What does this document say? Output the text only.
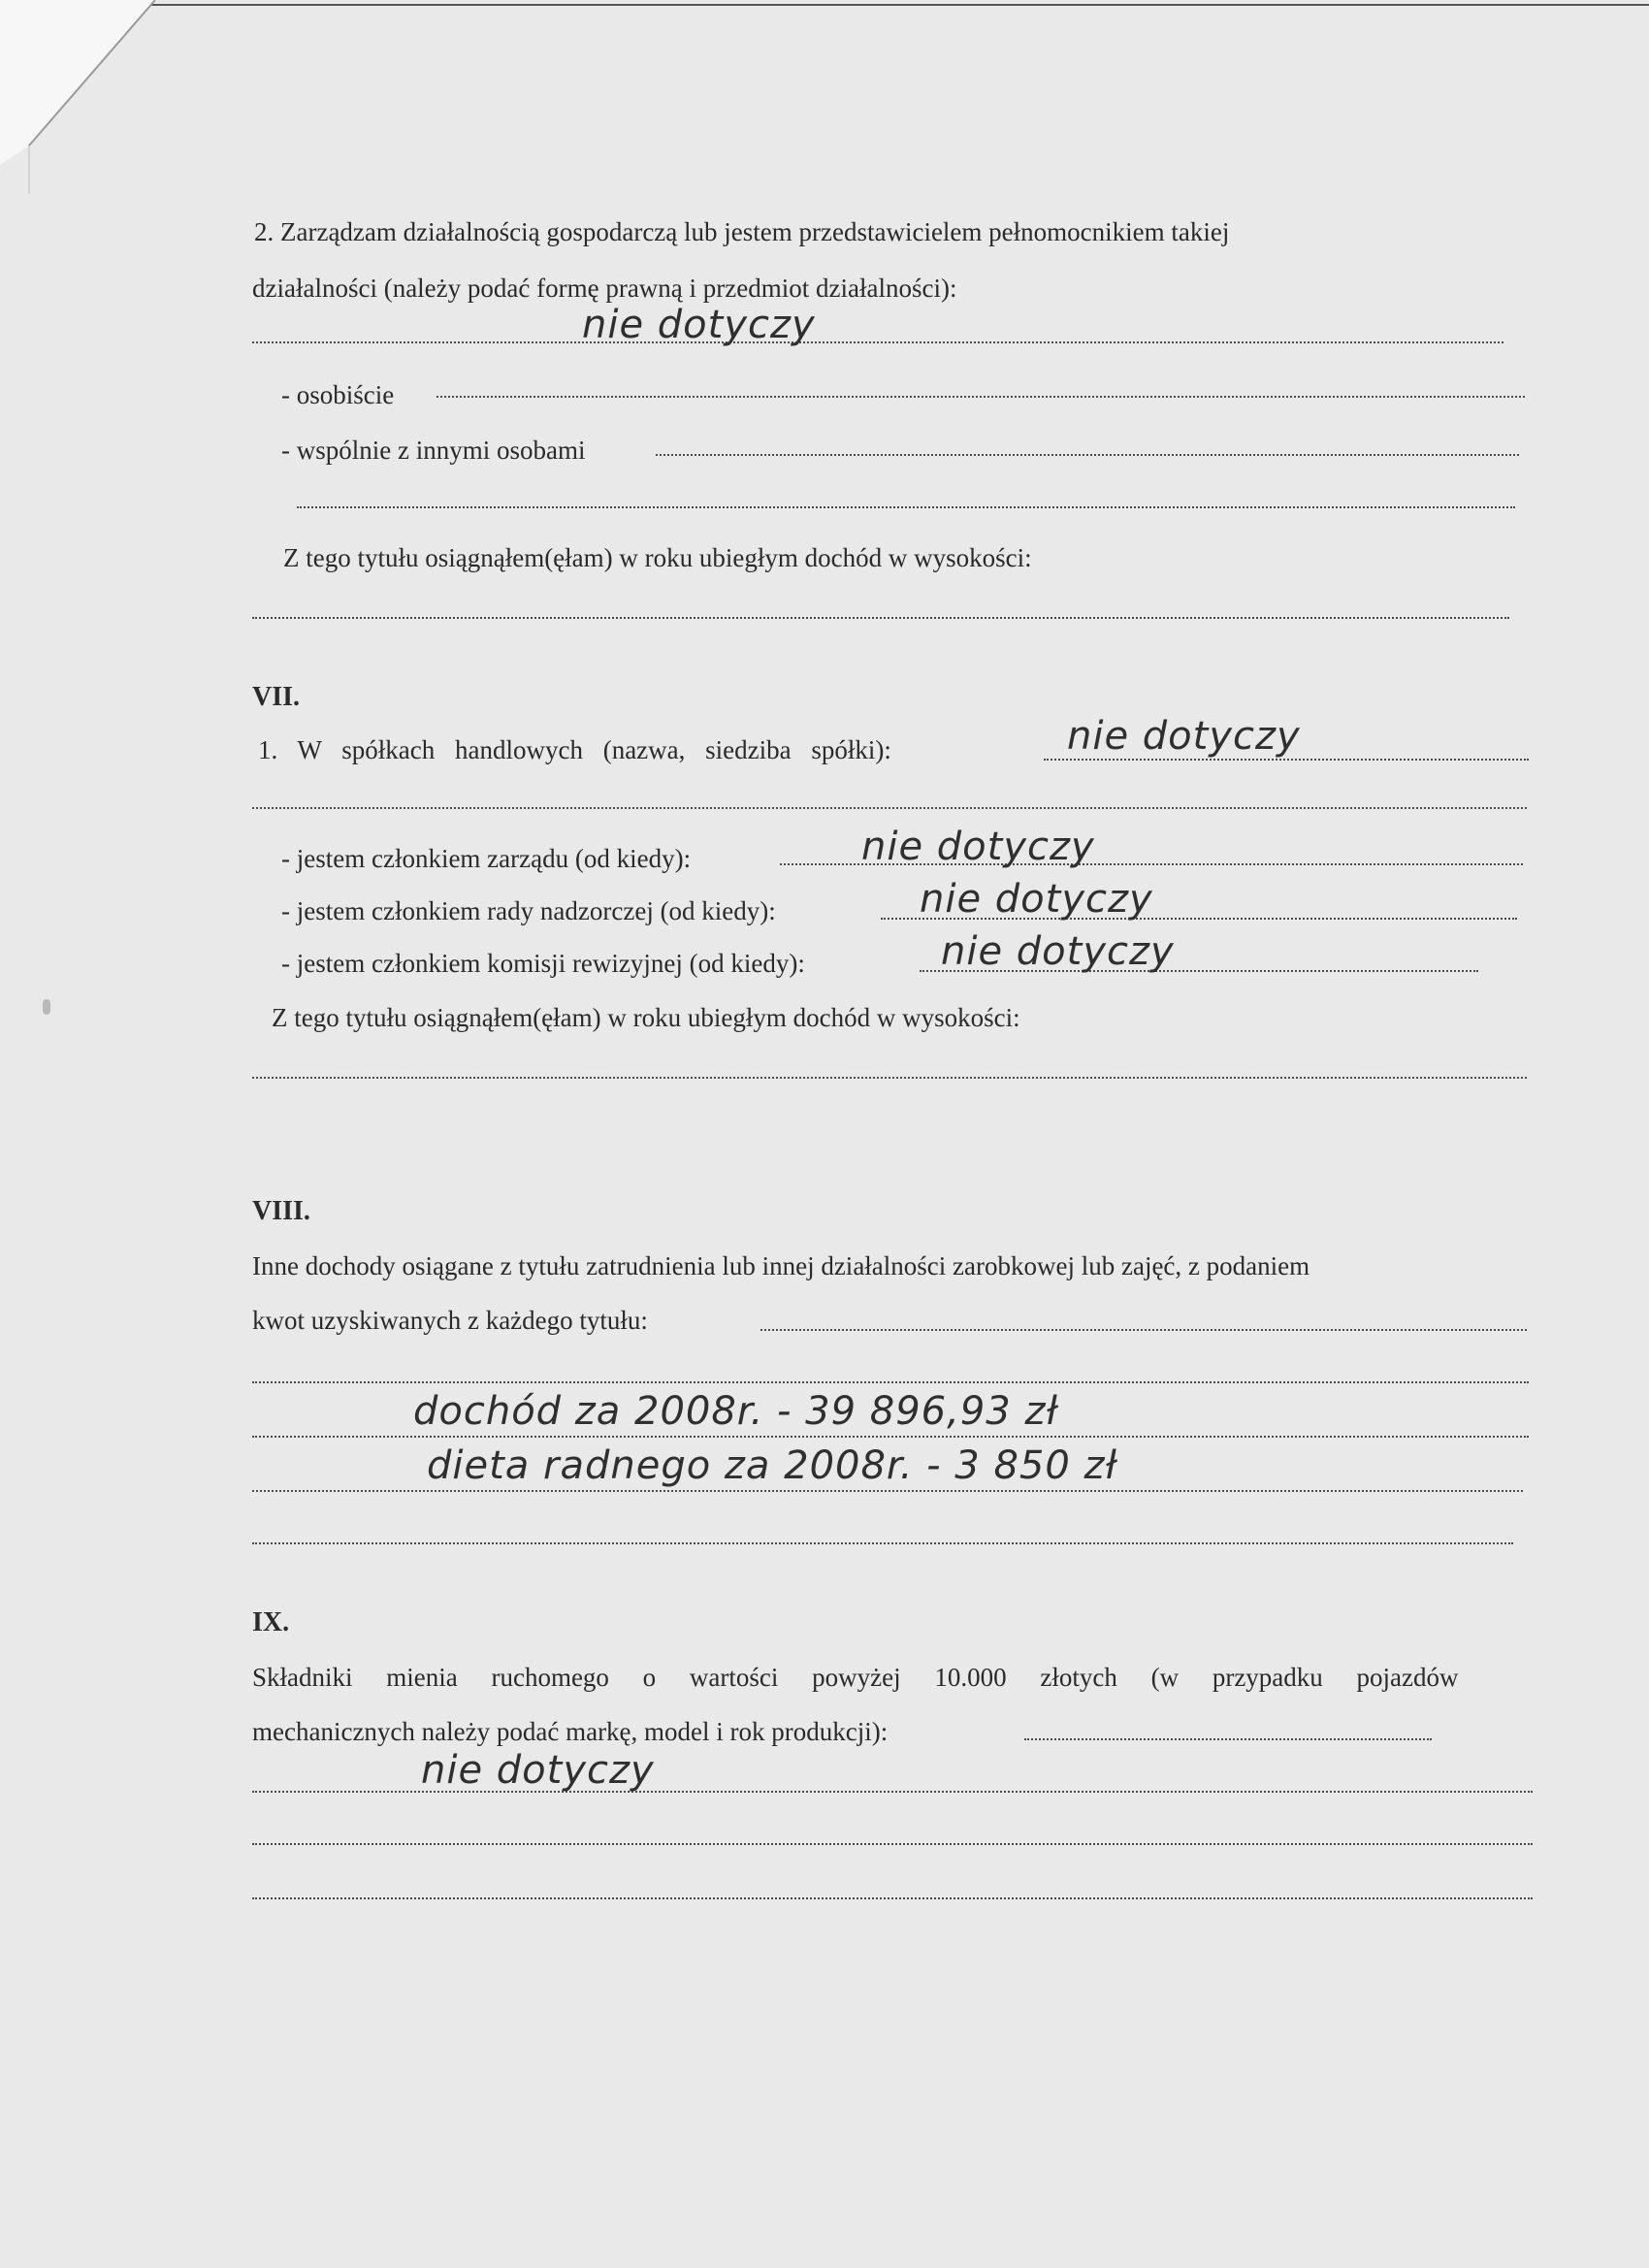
2. Zarządzam działalnością gospodarczą lub jestem przedstawicielem pełnomocnikiem takiej
działalności (należy podać formę prawną i przedmiot działalności):
nie dotyczy
- osobiście
- wspólnie z innymi osobami
Z tego tytułu osiągnąłem(ęłam) w roku ubiegłym dochód w wysokości:
VII.
1. W spółkach handlowych (nazwa, siedziba spółki):	nie dotyczy
- jestem członkiem zarządu (od kiedy):	nie dotyczy
- jestem członkiem rady nadzorczej (od kiedy):	nie dotyczy
- jestem członkiem komisji rewizyjnej (od kiedy):	nie dotyczy
Z tego tytułu osiągnąłem(ęłam) w roku ubiegłym dochód w wysokości:
VIII.
Inne dochody osiągane z tytułu zatrudnienia lub innej działalności zarobkowej lub zajęć, z podaniem
kwot uzyskiwanych z każdego tytułu:
dochód za 2008r. - 39 896,93 zł
dieta radnego za 2008r. - 3 850 zł
IX.
Składniki mienia ruchomego o wartości powyżej 10.000 złotych (w przypadku pojazdów
mechanicznych należy podać markę, model i rok produkcji):
nie dotyczy
